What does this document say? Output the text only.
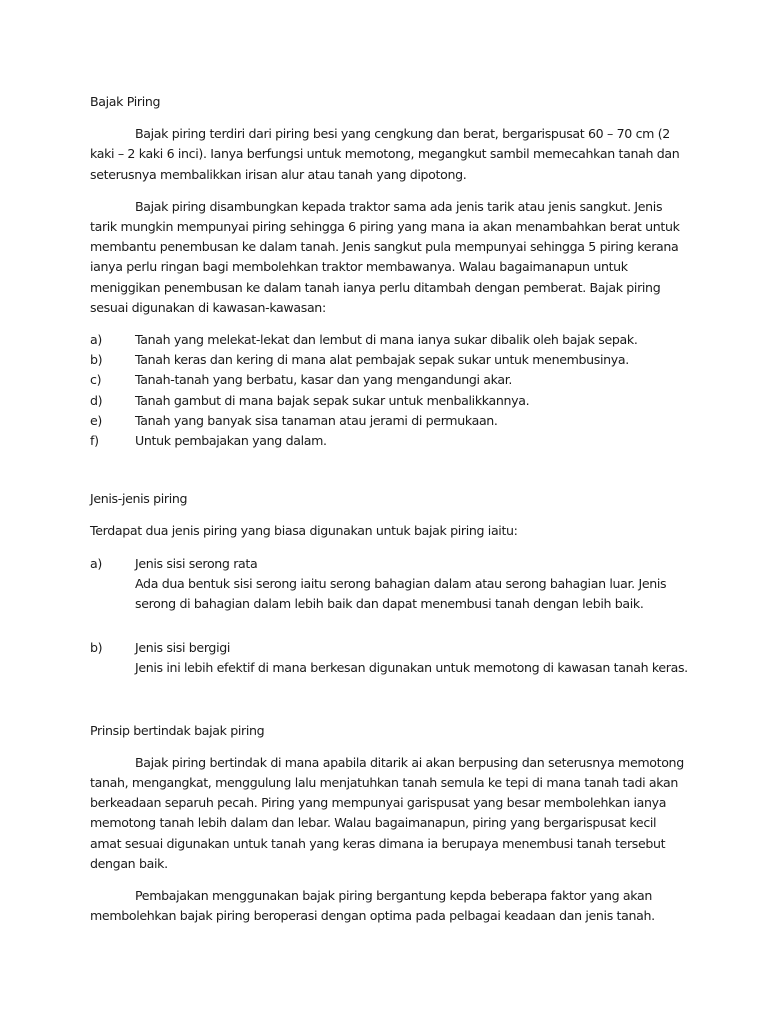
Bajak Piring

Bajak piring terdiri dari piring besi yang cengkung dan berat, bergarispusat 60 – 70 cm (2 kaki – 2 kaki 6 inci). Ianya berfungsi untuk memotong, megangkut sambil memecahkan tanah dan seterusnya membalikkan irisan alur atau tanah yang dipotong.

Bajak piring disambungkan kepada traktor sama ada jenis tarik atau jenis sangkut. Jenis tarik mungkin mempunyai piring sehingga 6 piring yang mana ia akan menambahkan berat untuk membantu penembusan ke dalam tanah. Jenis sangkut pula mempunyai sehingga 5 piring kerana ianya perlu ringan bagi membolehkan traktor membawanya. Walau bagaimanapun untuk meniggikan penembusan ke dalam tanah ianya perlu ditambah dengan pemberat. Bajak piring sesuai digunakan di kawasan-kawasan:

a)	Tanah yang melekat-lekat dan lembut di mana ianya sukar dibalik oleh bajak sepak.
b)	Tanah keras dan kering di mana alat pembajak sepak sukar untuk menembusinya.
c)	Tanah-tanah yang berbatu, kasar dan yang mengandungi akar.
d)	Tanah gambut di mana bajak sepak sukar untuk menbalikkannya.
e)	Tanah yang banyak sisa tanaman atau jerami di permukaan.
f)	Untuk pembajakan yang dalam.
Jenis-jenis piring

Terdapat dua jenis piring yang biasa digunakan untuk bajak piring iaitu:

a)	Jenis sisi serong rata
Ada dua bentuk sisi serong iaitu serong bahagian dalam atau serong bahagian luar. Jenis serong di bahagian dalam lebih baik dan dapat menembusi tanah dengan lebih baik.
b)	Jenis sisi bergigi
Jenis ini lebih efektif di mana berkesan digunakan untuk memotong di kawasan tanah keras.
Prinsip bertindak bajak piring

Bajak piring bertindak di mana apabila ditarik ai akan berpusing dan seterusnya memotong tanah, mengangkat, menggulung lalu menjatuhkan tanah semula ke tepi di mana tanah tadi akan berkeadaan separuh pecah. Piring yang mempunyai garispusat yang besar membolehkan ianya memotong tanah lebih dalam dan lebar. Walau bagaimanapun, piring yang bergarispusat kecil amat sesuai digunakan untuk tanah yang keras dimana ia berupaya menembusi tanah tersebut dengan baik.

Pembajakan menggunakan bajak piring bergantung kepda beberapa faktor yang akan membolehkan bajak piring beroperasi dengan optima pada pelbagai keadaan dan jenis tanah.
